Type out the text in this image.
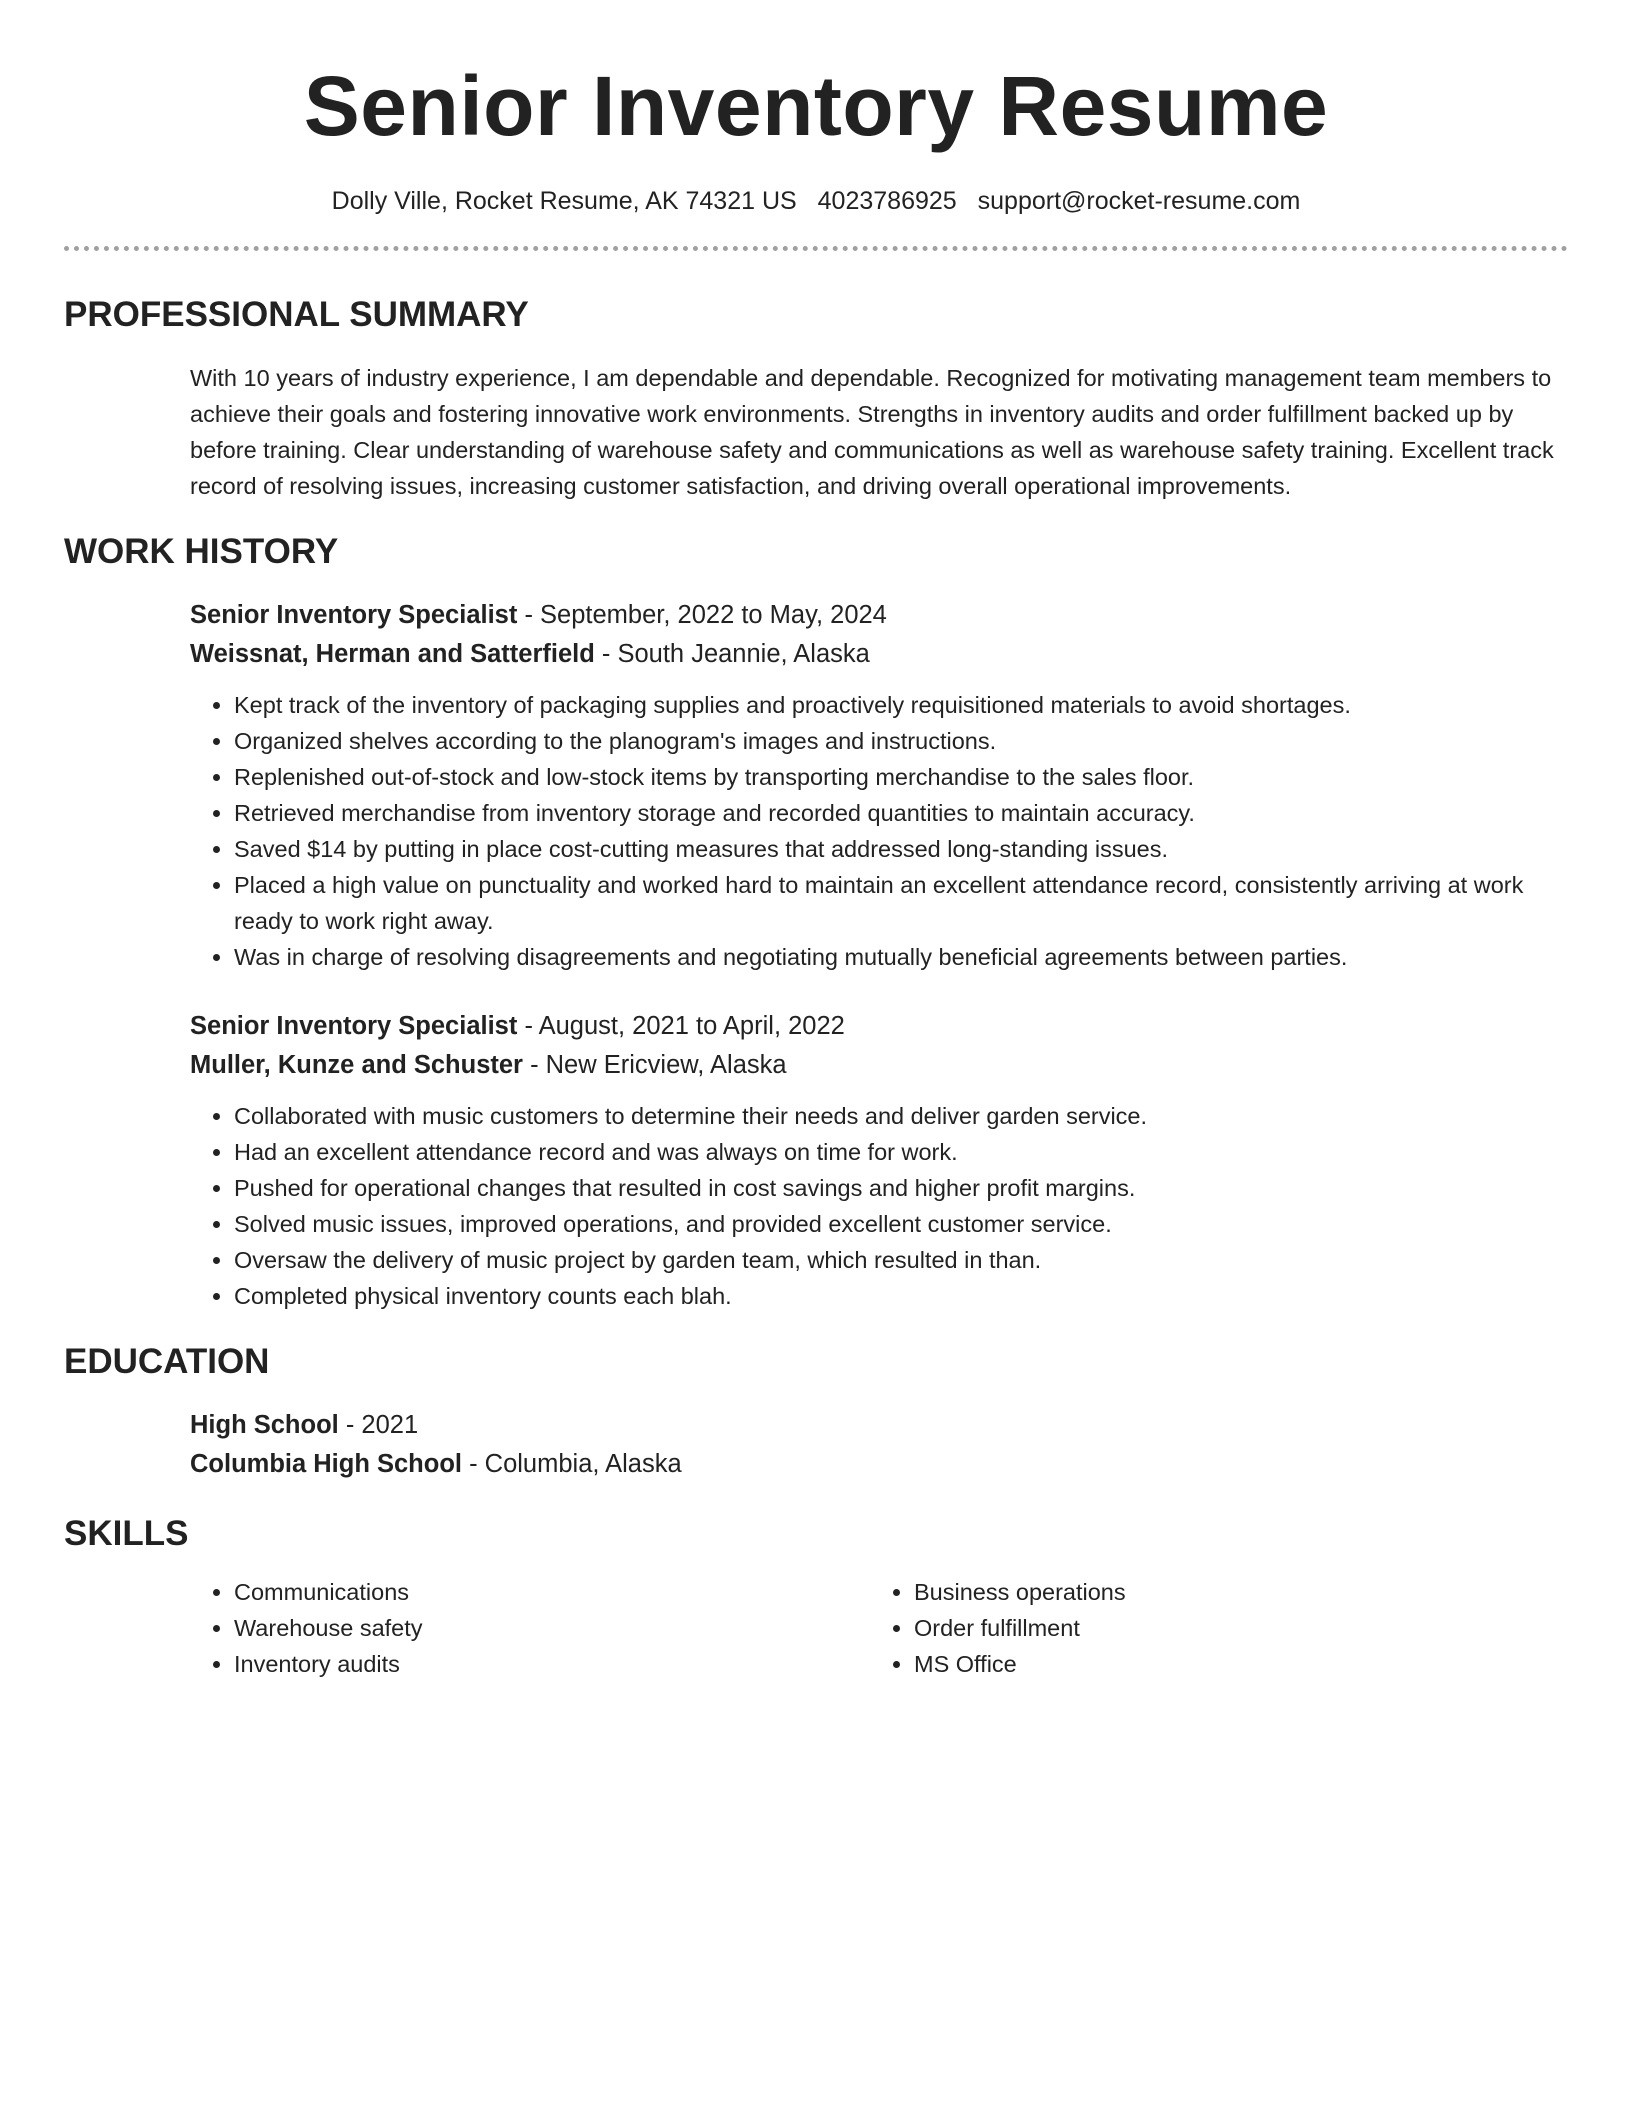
Senior Inventory Resume
Dolly Ville, Rocket Resume, AK 74321 US 4023786925 support@rocket-resume.com
PROFESSIONAL SUMMARY

With 10 years of industry experience, I am dependable and dependable. Recognized for motivating management team members to achieve their goals and fostering innovative work environments. Strengths in inventory audits and order fulfillment backed up by before training. Clear understanding of warehouse safety and communications as well as warehouse safety training. Excellent track record of resolving issues, increasing customer satisfaction, and driving overall operational improvements.

WORK HISTORY
Senior Inventory Specialist - September, 2022 to May, 2024
Weissnat, Herman and Satterfield - South Jeannie, Alaska
• Kept track of the inventory of packaging supplies and proactively requisitioned materials to avoid shortages.
• Organized shelves according to the planogram's images and instructions.
• Replenished out-of-stock and low-stock items by transporting merchandise to the sales floor.
• Retrieved merchandise from inventory storage and recorded quantities to maintain accuracy.
• Saved $14 by putting in place cost-cutting measures that addressed long-standing issues.
• Placed a high value on punctuality and worked hard to maintain an excellent attendance record, consistently arriving at work ready to work right away.
• Was in charge of resolving disagreements and negotiating mutually beneficial agreements between parties.
Senior Inventory Specialist - August, 2021 to April, 2022
Muller, Kunze and Schuster - New Ericview, Alaska
• Collaborated with music customers to determine their needs and deliver garden service.
• Had an excellent attendance record and was always on time for work.
• Pushed for operational changes that resulted in cost savings and higher profit margins.
• Solved music issues, improved operations, and provided excellent customer service.
• Oversaw the delivery of music project by garden team, which resulted in than.
• Completed physical inventory counts each blah.
EDUCATION
High School - 2021
Columbia High School - Columbia, Alaska
SKILLS
• Communications
• Warehouse safety
• Inventory audits
• Business operations
• Order fulfillment
• MS Office
